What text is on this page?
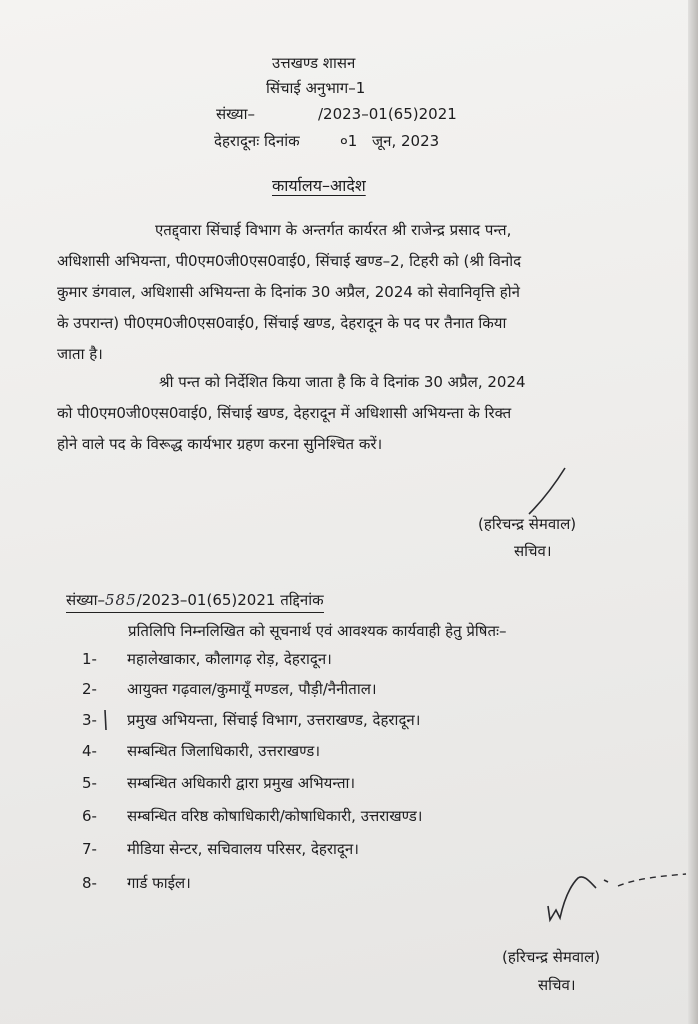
उत्तखण्ड शासन
सिंचाई अनुभाग–1
संख्या–	/2023–01(65)2021
देहरादूनः दिनांक	०1 जून, 2023
कार्यालय–आदेश
एतद्द्वारा सिंचाई विभाग के अन्तर्गत कार्यरत श्री राजेन्द्र प्रसाद पन्त,
अधिशासी अभियन्ता, पी0एम0जी0एस0वाई0, सिंचाई खण्ड–2, टिहरी को (श्री विनोद
कुमार डंगवाल, अधिशासी अभियन्ता के दिनांक 30 अप्रैल, 2024 को सेवानिवृत्ति होने
के उपरान्त) पी0एम0जी0एस0वाई0, सिंचाई खण्ड, देहरादून के पद पर तैनात किया
जाता है।
श्री पन्त को निर्देशित किया जाता है कि वे दिनांक 30 अप्रैल, 2024
को पी0एम0जी0एस0वाई0, सिंचाई खण्ड, देहरादून में अधिशासी अभियन्ता के रिक्त
होने वाले पद के विरूद्ध कार्यभार ग्रहण करना सुनिश्चित करें।
(हरिचन्द्र सेमवाल)
सचिव।
संख्या–585/2023–01(65)2021 तद्दिनांक
प्रतिलिपि निम्नलिखित को सूचनार्थ एवं आवश्यक कार्यवाही हेतु प्रेषितः–
1- महालेखाकार, कौलागढ़ रोड़, देहरादून।
2- आयुक्त गढ़वाल/कुमायूँ मण्डल, पौड़ी/नैनीताल।
3- प्रमुख अभियन्ता, सिंचाई विभाग, उत्तराखण्ड, देहरादून।
4- सम्बन्धित जिलाधिकारी, उत्तराखण्ड।
5- सम्बन्धित अधिकारी द्वारा प्रमुख अभियन्ता।
6- सम्बन्धित वरिष्ठ कोषाधिकारी/कोषाधिकारी, उत्तराखण्ड।
7- मीडिया सेन्टर, सचिवालय परिसर, देहरादून।
8- गार्ड फाईल।
(हरिचन्द्र सेमवाल)
सचिव।
